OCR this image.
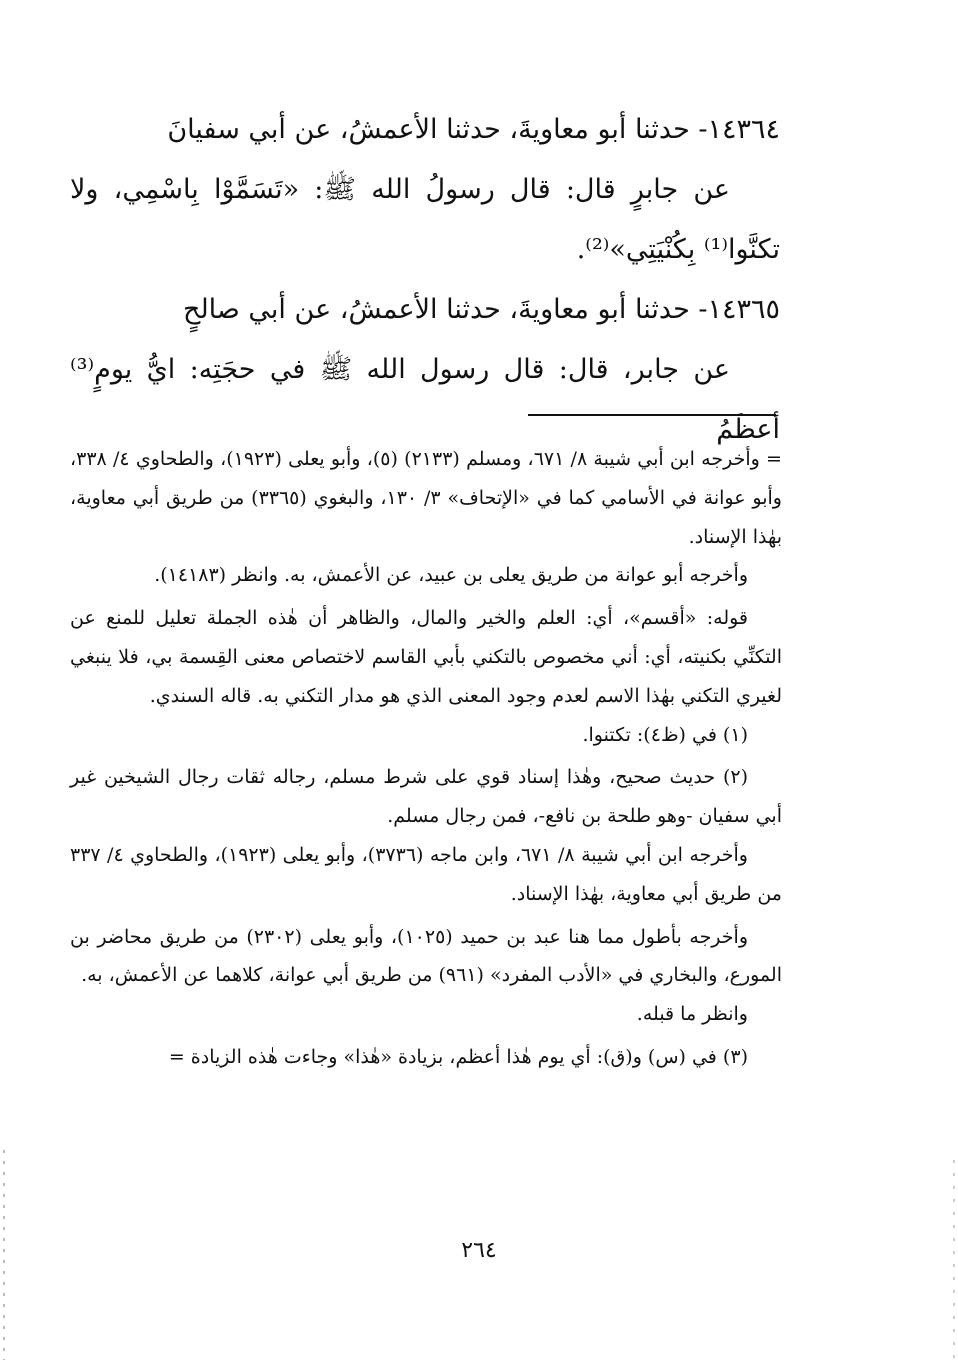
١٤٣٦٤- حدثنا أبو معاويةَ، حدثنا الأعمشُ، عن أبي سفيانَ

عن جابرٍ قال: قال رسولُ الله ﷺ: «تَسَمَّوْا بِاسْمِي، ولا تكنَّوا⁽¹⁾ بِكُنْيَتِي»⁽²⁾.

١٤٣٦٥- حدثنا أبو معاويةَ، حدثنا الأعمشُ، عن أبي صالحٍ

عن جابر، قال: قال رسول الله ﷺ في حجَتِه: ايُّ يومٍ⁽³⁾ أعظَمُ

= وأخرجه ابن أبي شيبة ٨/ ٦٧١، ومسلم (٢١٣٣) (٥)، وأبو يعلى (١٩٢٣)، والطحاوي ٤/ ٣٣٨، وأبو عوانة في الأسامي كما في «الإتحاف» ٣/ ١٣٠، والبغوي (٣٣٦٥) من طريق أبي معاوية، بهٰذا الإسناد.

وأخرجه أبو عوانة من طريق يعلى بن عبيد، عن الأعمش، به. وانظر (١٤١٨٣).

قوله: «أقسم»، أي: العلم والخير والمال، والظاهر أن هٰذه الجملة تعليل للمنع عن التكنِّي بكنيته، أي: أني مخصوص بالتكني بأبي القاسم لاختصاص معنى القِسمة بي، فلا ينبغي لغيري التكني بهٰذا الاسم لعدم وجود المعنى الذي هو مدار التكني به. قاله السندي.

(١) في (ظ٤): تكتنوا.

(٢) حديث صحيح، وهٰذا إسناد قوي على شرط مسلم، رجاله ثقات رجال الشيخين غير أبي سفيان -وهو طلحة بن نافع-، فمن رجال مسلم.

وأخرجه ابن أبي شيبة ٨/ ٦٧١، وابن ماجه (٣٧٣٦)، وأبو يعلى (١٩٢٣)، والطحاوي ٤/ ٣٣٧ من طريق أبي معاوية، بهٰذا الإسناد.

وأخرجه بأطول مما هنا عبد بن حميد (١٠٢٥)، وأبو يعلى (٢٣٠٢) من طريق محاضر بن المورع، والبخاري في «الأدب المفرد» (٩٦١) من طريق أبي عوانة، كلاهما عن الأعمش، به.

وانظر ما قبله.

(٣) في (س) و(ق): أي يوم هٰذا أعظم، بزيادة «هٰذا» وجاءت هٰذه الزيادة =

٢٦٤
